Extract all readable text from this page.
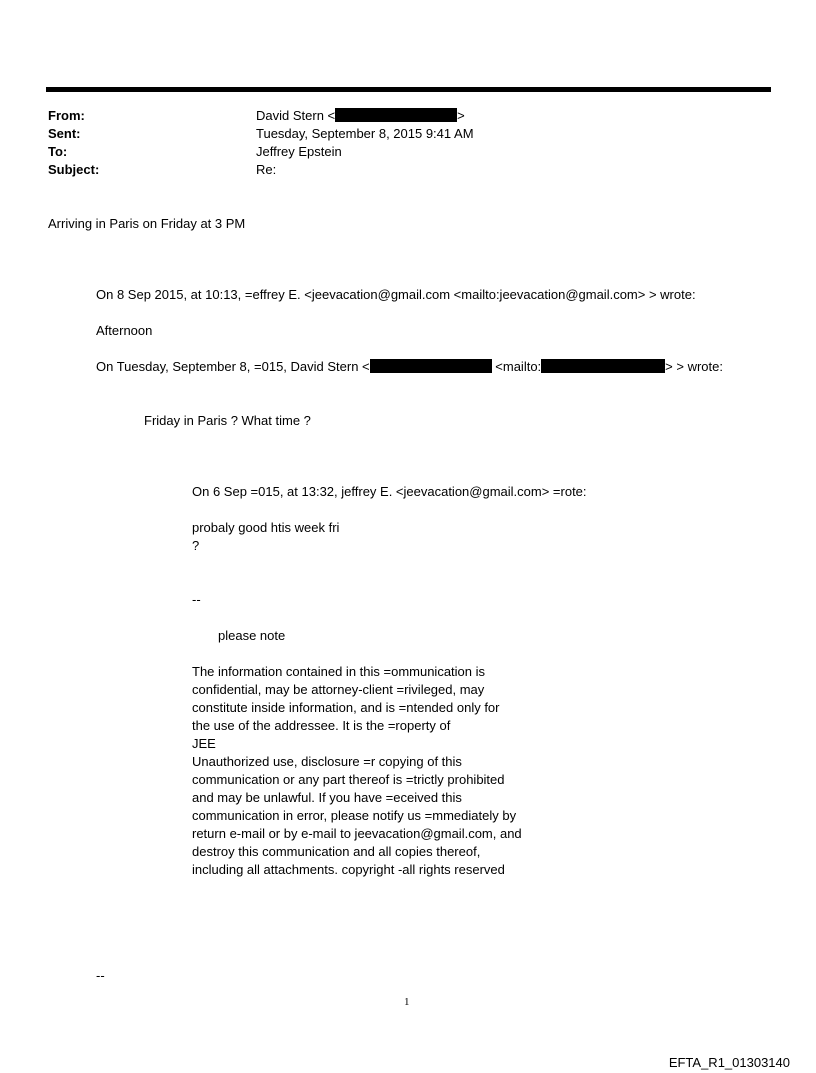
From:	David Stern <	>
Sent:	Tuesday, September 8, 2015 9:41 AM
To:	Jeffrey Epstein
Subject:	Re:
Arriving in Paris on Friday at 3 PM
On 8 Sep 2015, at 10:13, =effrey E. <jeevacation@gmail.com <mailto:jeevacation@gmail.com> > wrote:
Afternoon
On Tuesday, September 8, =015, David Stern <	<mailto:	> > wrote:
Friday in Paris ? What time ?
On 6 Sep =015, at 13:32, jeffrey E. <jeevacation@gmail.com> =rote:
probaly good htis week fri
?
--
please note
The information contained in this =ommunication is
confidential, may be attorney-client =rivileged, may
constitute inside information, and is =ntended only for
the use of the addressee. It is the =roperty of
JEE
Unauthorized use, disclosure =r copying of this
communication or any part thereof is =trictly prohibited
and may be unlawful. If you have =eceived this
communication in error, please notify us =mmediately by
return e-mail or by e-mail to jeevacation@gmail.com, and
destroy this communication and all copies thereof,
including all attachments. copyright -all rights reserved
--
1
EFTA_R1_01303140
